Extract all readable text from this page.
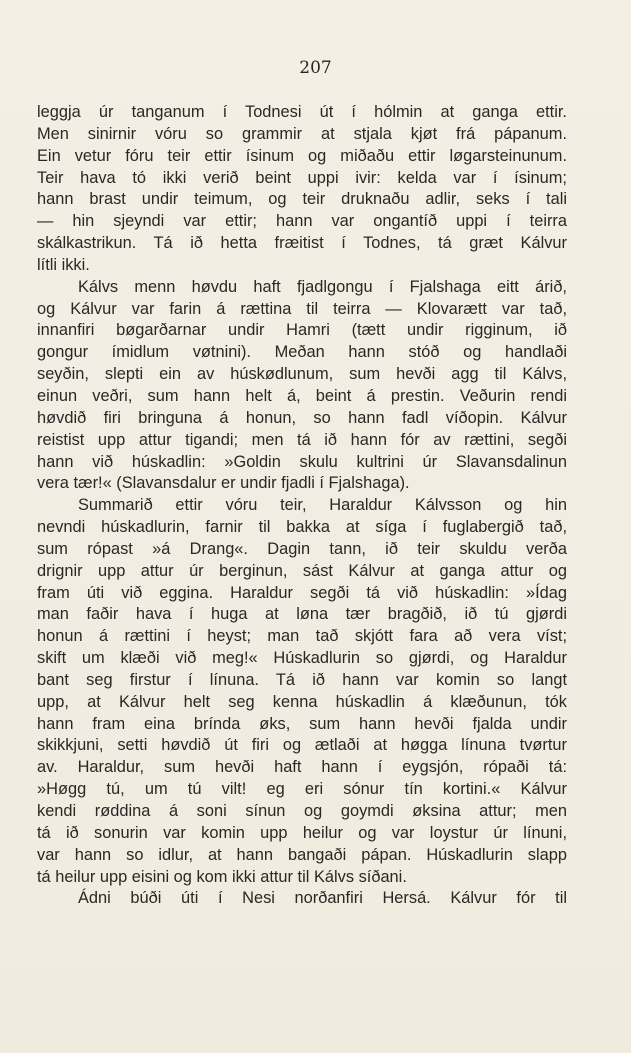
207
leggja úr tanganum í Todnesi út í hólmin at ganga ettir.
Men sinirnir vóru so grammir at stjala kjøt frá pápanum.
Ein vetur fóru teir ettir ísinum og miðaðu ettir løgarsteinunum.
Teir hava tó ikki verið beint uppi ivir: kelda var í ísinum;
hann brast undir teimum, og teir druknaðu adlir, seks í tali
— hin sjeyndi var ettir; hann var ongantíð uppi í teirra
skálkastrikun. Tá ið hetta fræitist í Todnes, tá græt Kálvur
lítli ikki.
Kálvs menn høvdu haft fjadlgongu í Fjalshaga eitt árið,
og Kálvur var farin á rættina til teirra — Klovarætt var tað,
innanfiri bøgarðarnar undir Hamri (tætt undir rigginum, ið
gongur ímidlum vøtnini). Meðan hann stóð og handlaði
seyðin, slepti ein av húskødlunum, sum hevði agg til Kálvs,
einun veðri, sum hann helt á, beint á prestin. Veðurin rendi
høvdið firi bringuna á honun, so hann fadl víðopin. Kálvur
reistist upp attur tigandi; men tá ið hann fór av rættini, segði
hann við húskadlin: »Goldin skulu kultrini úr Slavansdalinun
vera tær!« (Slavansdalur er undir fjadli í Fjalshaga).
Summarið ettir vóru teir, Haraldur Kálvsson og hin
nevndi húskadlurin, farnir til bakka at síga í fuglabergið tað,
sum rópast »á Drang«. Dagin tann, ið teir skuldu verða
drignir upp attur úr berginun, sást Kálvur at ganga attur og
fram úti við eggina. Haraldur segði tá við húskadlin: »Ídag
man faðir hava í huga at løna tær bragðið, ið tú gjørdi
honun á rættini í heyst; man tað skjótt fara að vera víst;
skift um klæði við meg!« Húskadlurin so gjørdi, og Haraldur
bant seg firstur í línuna. Tá ið hann var komin so langt
upp, at Kálvur helt seg kenna húskadlin á klæðunun, tók
hann fram eina brínda øks, sum hann hevði fjalda undir
skikkjuni, setti høvdið út firi og ætlaði at høgga línuna tvørtur
av. Haraldur, sum hevði haft hann í eygsjón, rópaði tá:
»Høgg tú, um tú vilt! eg eri sónur tín kortini.« Kálvur
kendi røddina á soni sínun og goymdi øksina attur; men
tá ið sonurin var komin upp heilur og var loystur úr línuni,
var hann so idlur, at hann bangaði pápan. Húskadlurin slapp
tá heilur upp eisini og kom ikki attur til Kálvs síðani.
Ádni búði úti í Nesi norðanfiri Hersá. Kálvur fór til
